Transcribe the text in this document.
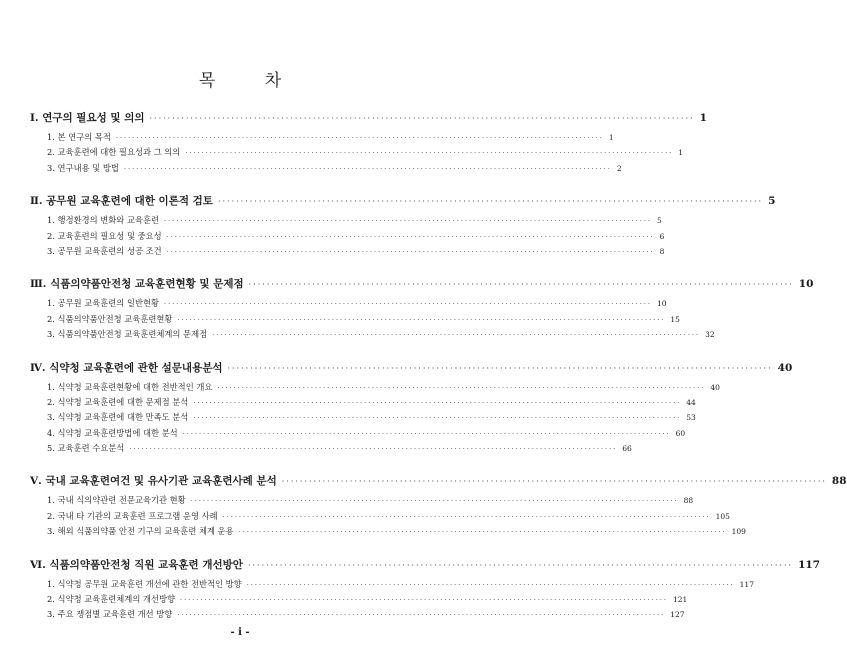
목 차
Ⅰ. 연구의 필요성 및 의의 ························································································································ 1
1. 본 연구의 목적 ························································································································ 1
2. 교육훈련에 대한 필요성과 그 의의 ························································································································ 1
3. 연구내용 및 방법 ························································································································ 2
Ⅱ. 공무원 교육훈련에 대한 이론적 검토 ························································································································ 5
1. 행정환경의 변화와 교육훈련 ························································································································ 5
2. 교육훈련의 필요성 및 중요성 ························································································································ 6
3. 공무원 교육훈련의 성공 조건 ························································································································ 8
Ⅲ. 식품의약품안전청 교육훈련현황 및 문제점 ························································································································ 10
1. 공무원 교육훈련의 일반현황 ························································································································ 10
2. 식품의약품안전청 교육훈련현황 ························································································································ 15
3. 식품의약품안전청 교육훈련체계의 문제점 ························································································································ 32
Ⅳ. 식약청 교육훈련에 관한 설문내용분석 ························································································································ 40
1. 식약청 교육훈련현황에 대한 전반적인 개요 ························································································································ 40
2. 식약청 교육훈련에 대한 문제점 분석 ························································································································ 44
3. 식약청 교육훈련에 대한 만족도 분석 ························································································································ 53
4. 식약청 교육훈련방법에 대한 분석 ························································································································ 60
5. 교육훈련 수요분석 ························································································································ 66
Ⅴ. 국내 교육훈련여건 및 유사기관 교육훈련사례 분석 ························································································································ 88
1. 국내 식의약관련 전문교육기관 현황 ························································································································ 88
2. 국내 타 기관의 교육훈련 프로그램 운영 사례 ························································································································ 105
3. 해외 식품의약품 안전 기구의 교육훈련 체계 운용 ························································································································ 109
Ⅵ. 식품의약품안전청 직원 교육훈련 개선방안 ························································································································ 117
1. 식약청 공무원 교육훈련 개선에 관한 전반적인 방향 ························································································································ 117
2. 식약청 교육훈련체계의 개선방향 ························································································································ 121
3. 주요 쟁점별 교육훈련 개선 방향 ························································································································ 127
- i -
